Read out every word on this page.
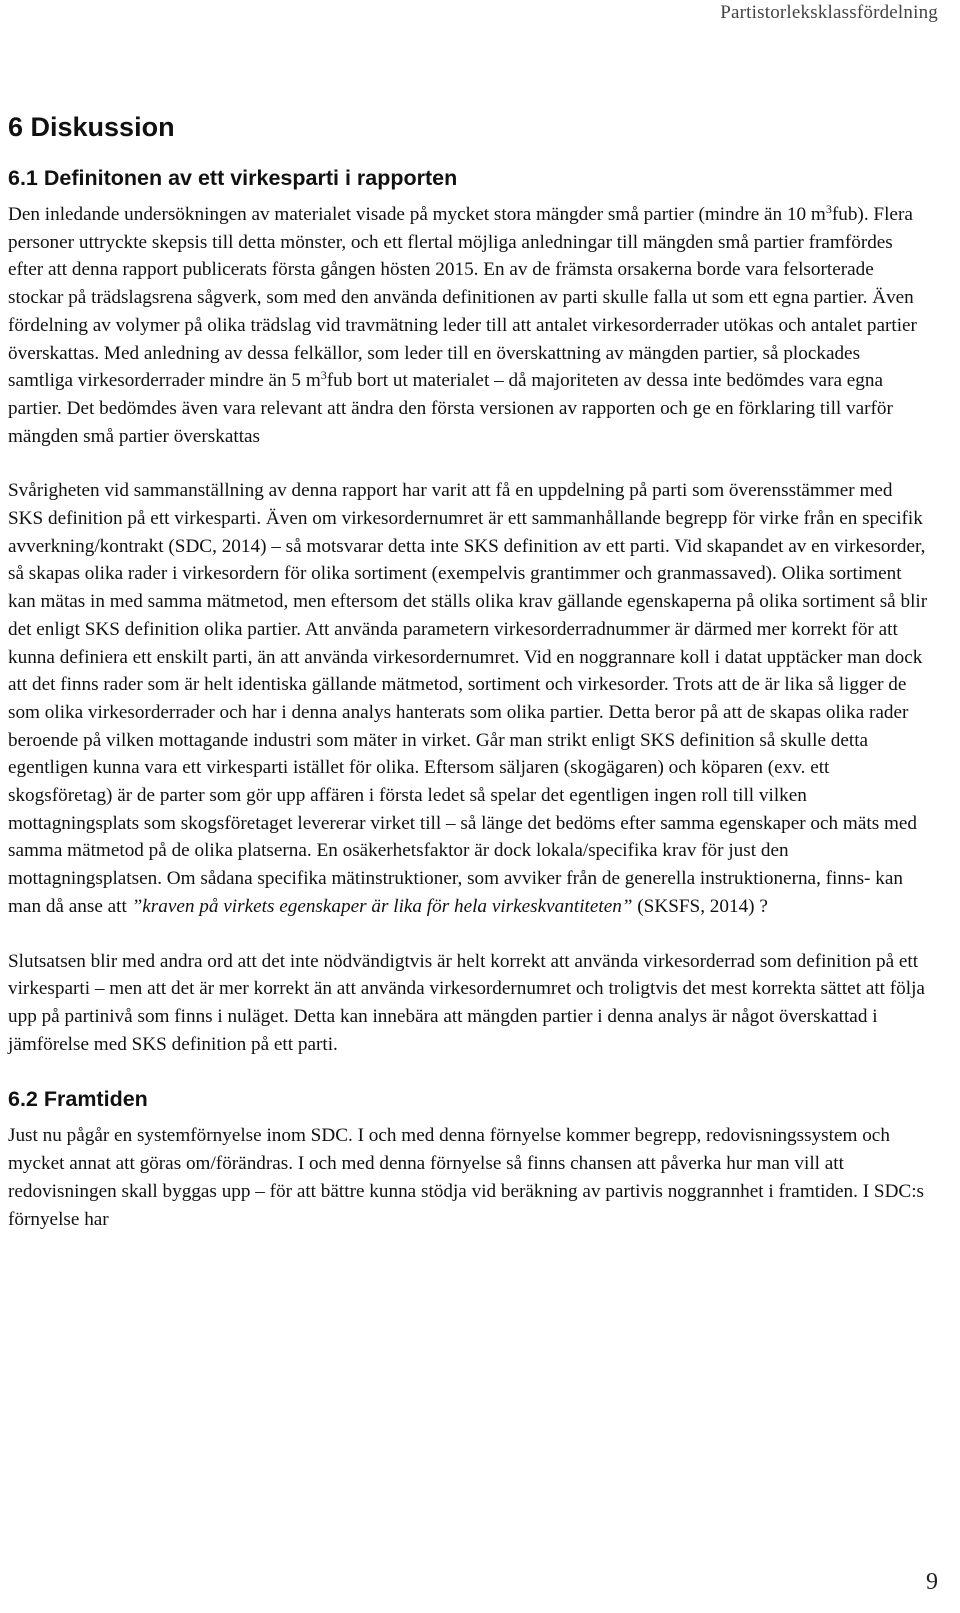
Partistorleksklassfördelning
6 Diskussion
6.1 Definitonen av ett virkesparti i rapporten

Den inledande undersökningen av materialet visade på mycket stora mängder små partier (mindre än 10 $m^3fub$). Flera personer uttryckte skepsis till detta mönster, och ett flertal möjliga anledningar till mängden små partier framfördes efter att denna rapport publicerats första gången hösten 2015. En av de främsta orsakerna borde vara felsorterade stockar på trädslagsrena sågverk, som med den använda definitionen av parti skulle falla ut som ett egna partier. Även fördelning av volymer på olika trädslag vid travmätning leder till att antalet virkesorderrader utökas och antalet partier överskattas. Med anledning av dessa felkällor, som leder till en överskattning av mängden partier, så plockades samtliga virkesorderrader mindre än 5 $m^3fub$ bort ut materialet – då majoriteten av dessa inte bedömdes vara egna partier. Det bedömdes även vara relevant att ändra den första versionen av rapporten och ge en förklaring till varför mängden små partier överskattas

Svårigheten vid sammanställning av denna rapport har varit att få en uppdelning på parti som överensstämmer med SKS definition på ett virkesparti. Även om virkesordernumret är ett sammanhållande begrepp för virke från en specifik avverkning/kontrakt (SDC, 2014) – så motsvarar detta inte SKS definition av ett parti. Vid skapandet av en virkesorder, så skapas olika rader i virkesordern för olika sortiment (exempelvis grantimmer och granmassaved). Olika sortiment kan mätas in med samma mätmetod, men eftersom det ställs olika krav gällande egenskaperna på olika sortiment så blir det enligt SKS definition olika partier. Att använda parametern virkesorderradnummer är därmed mer korrekt för att kunna definiera ett enskilt parti, än att använda virkesordernumret. Vid en noggrannare koll i datat upptäcker man dock att det finns rader som är helt identiska gällande mätmetod, sortiment och virkesorder. Trots att de är lika så ligger de som olika virkesorderrader och har i denna analys hanterats som olika partier. Detta beror på att de skapas olika rader beroende på vilken mottagande industri som mäter in virket. Går man strikt enligt SKS definition så skulle detta egentligen kunna vara ett virkesparti istället för olika. Eftersom säljaren (skogägaren) och köparen (exv. ett skogsföretag) är de parter som gör upp affären i första ledet så spelar det egentligen ingen roll till vilken mottagningsplats som skogsföretaget levererar virket till – så länge det bedöms efter samma egenskaper och mäts med samma mätmetod på de olika platserna. En osäkerhetsfaktor är dock lokala/specifika krav för just den mottagningsplatsen. Om sådana specifika mätinstruktioner, som avviker från de generella instruktionerna, finns- kan man då anse att ”kraven på virkets egenskaper är lika för hela virkeskvantiteten” (SKSFS, 2014) ?

Slutsatsen blir med andra ord att det inte nödvändigtvis är helt korrekt att använda virkesorderrad som definition på ett virkesparti – men att det är mer korrekt än att använda virkesordernumret och troligtvis det mest korrekta sättet att följa upp på partinivå som finns i nuläget. Detta kan innebära att mängden partier i denna analys är något överskattad i jämförelse med SKS definition på ett parti.

6.2 Framtiden

Just nu pågår en systemförnyelse inom SDC. I och med denna förnyelse kommer begrepp, redovisningssystem och mycket annat att göras om/förändras. I och med denna förnyelse så finns chansen att påverka hur man vill att redovisningen skall byggas upp – för att bättre kunna stödja vid beräkning av partivis noggrannhet i framtiden. I SDC:s förnyelse har

9
